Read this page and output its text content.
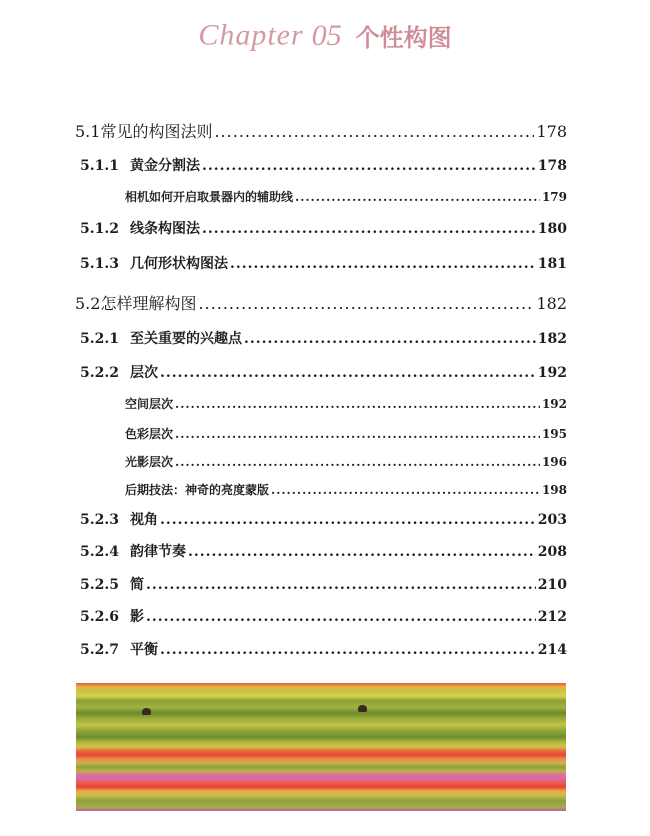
Chapter 05 个性构图
5.1 常见的构图法则 .....	178
5.1.1 黄金分割法 .....	178
相机如何开启取景器内的辅助线 .....	179
5.1.2 线条构图法 .....	180
5.1.3 几何形状构图法 .....	181
5.2 怎样理解构图 .....	182
5.2.1 至关重要的兴趣点 .....	182
5.2.2 层次 .....	192
空间层次 .....	192
色彩层次 .....	195
光影层次 .....	196
后期技法：神奇的亮度蒙版 .....	198
5.2.3 视角 .....	203
5.2.4 韵律节奏 .....	208
5.2.5 简 .....	210
5.2.6 影 .....	212
5.2.7 平衡 .....	214
